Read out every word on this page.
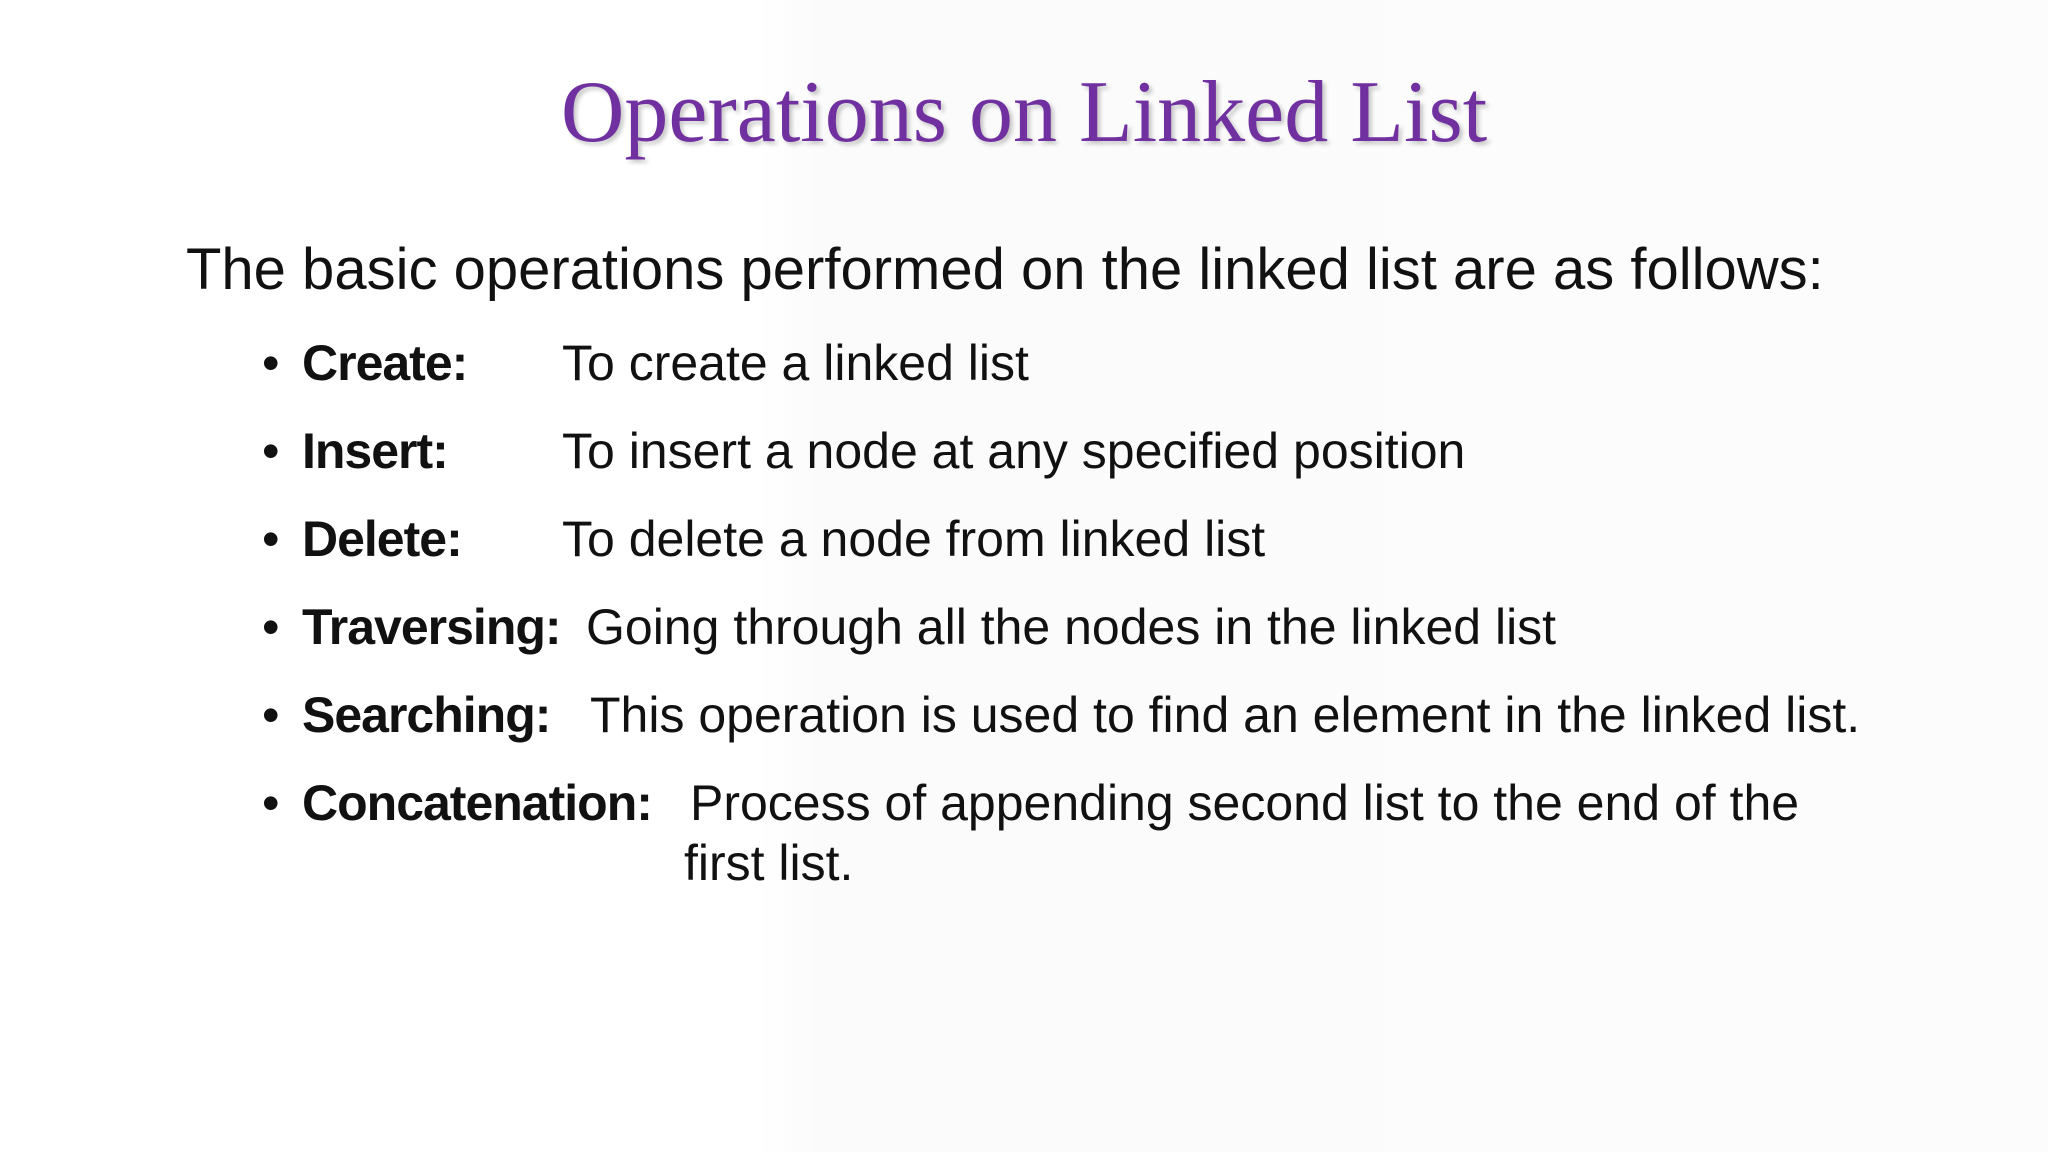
Operations on Linked List
The basic operations performed on the linked list are as follows:
• Create: To create a linked list
• Insert: To insert a node at any specified position
• Delete: To delete a node from linked list
• Traversing: Going through all the nodes in the linked list
• Searching: This operation is used to find an element in the linked list.
• Concatenation: Process of appending second list to the end of the
first list.
